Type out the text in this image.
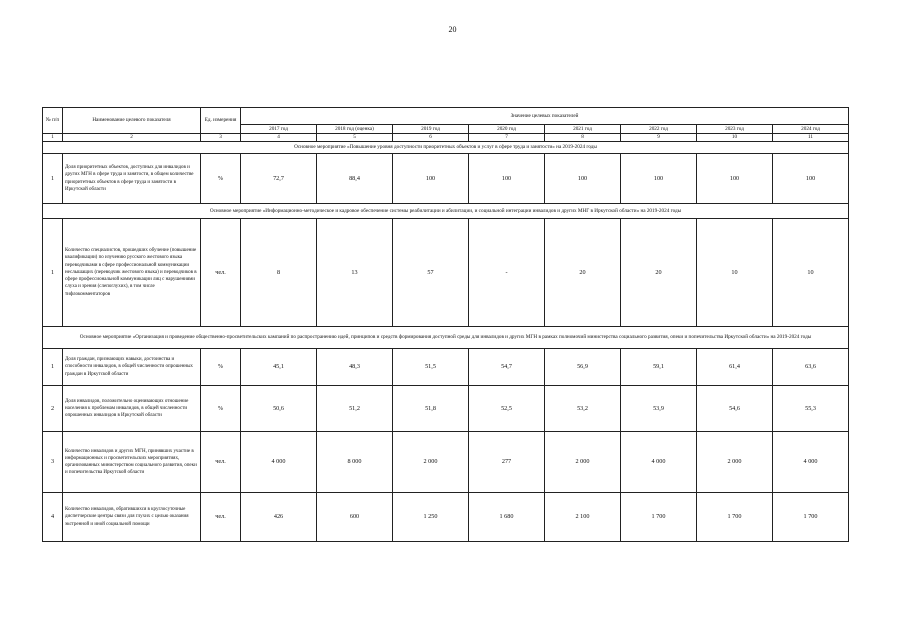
20
№ п/п	Наименование целевого показателя	Ед. измерения	Значение целевых показателей							
			2017 год	2018 год (оценка)	2019 год	2020 год	2021 год	2022 год	2023 год	2024 год
1	2	3	4	5	6	7	8	9	10	11
Основное мероприятие «Повышение уровня доступности приоритетных объектов и услуг в сфере труда и занятости» на 2019-2024 годы										
1	Доля приоритетных объектов, доступных для инвалидов и других МГН в сфере труда и занятости, в общем количестве приоритетных объектов в сфере труда и занятости в Иркутской области	%	72,7	88,4	100	100	100	100	100	100
Основное мероприятие «Информационно-методическое и кадровое обеспечение системы реабилитации и абилитации, и социальной интеграции инвалидов и других МНГ в Иркутской области» на 2019-2024 годы										
1	Количество специалистов, прошедших обучение (повышение квалификации) по изучению русского жестового языка переводчиками в сфере профессиональной коммуникации неслышащих (переводчик жестового языка) и переводчиков в сфере профессиональной коммуникации лиц с нарушениями слуха и зрения (слепоглухих), в том числе тифлокомментаторов	чел.	8	13	57	-	20	20	10	10
Основное мероприятие «Организация и проведение общественно-просветительских кампаний по распространению идей, принципов и средств формирования доступной среды для инвалидов и других МГН в рамках полномочий министерства социального развития, опеки и попечительства Иркутской области» на 2019-2024 годы										
1	Доля граждан, признающих навыки, достоинства и способности инвалидов, в общей численности опрошенных граждан в Иркутской области	%	45,1	48,3	51,5	54,7	56,9	59,1	61,4	63,6
2	Доля инвалидов, положительно оценивающих отношение населения к проблемам инвалидов, в общей численности опрошенных инвалидов в Иркутской области	%	50,6	51,2	51,8	52,5	53,2	53,9	54,6	55,3
3	Количество инвалидов и других МГН, принявших участие в информационных и просветительских мероприятиях, организованных министерством социального развития, опеки и попечительства Иркутской области	чел.	4 000	8 000	2 000	277	2 000	4 000	2 000	4 000
4	Количество инвалидов, обратившихся в круглосуточные диспетчерские центры связи для глухих с целью оказания экстренной и иной социальной помощи	чел.	426	600	1 250	1 680	2 100	1 700	1 700	1 700
